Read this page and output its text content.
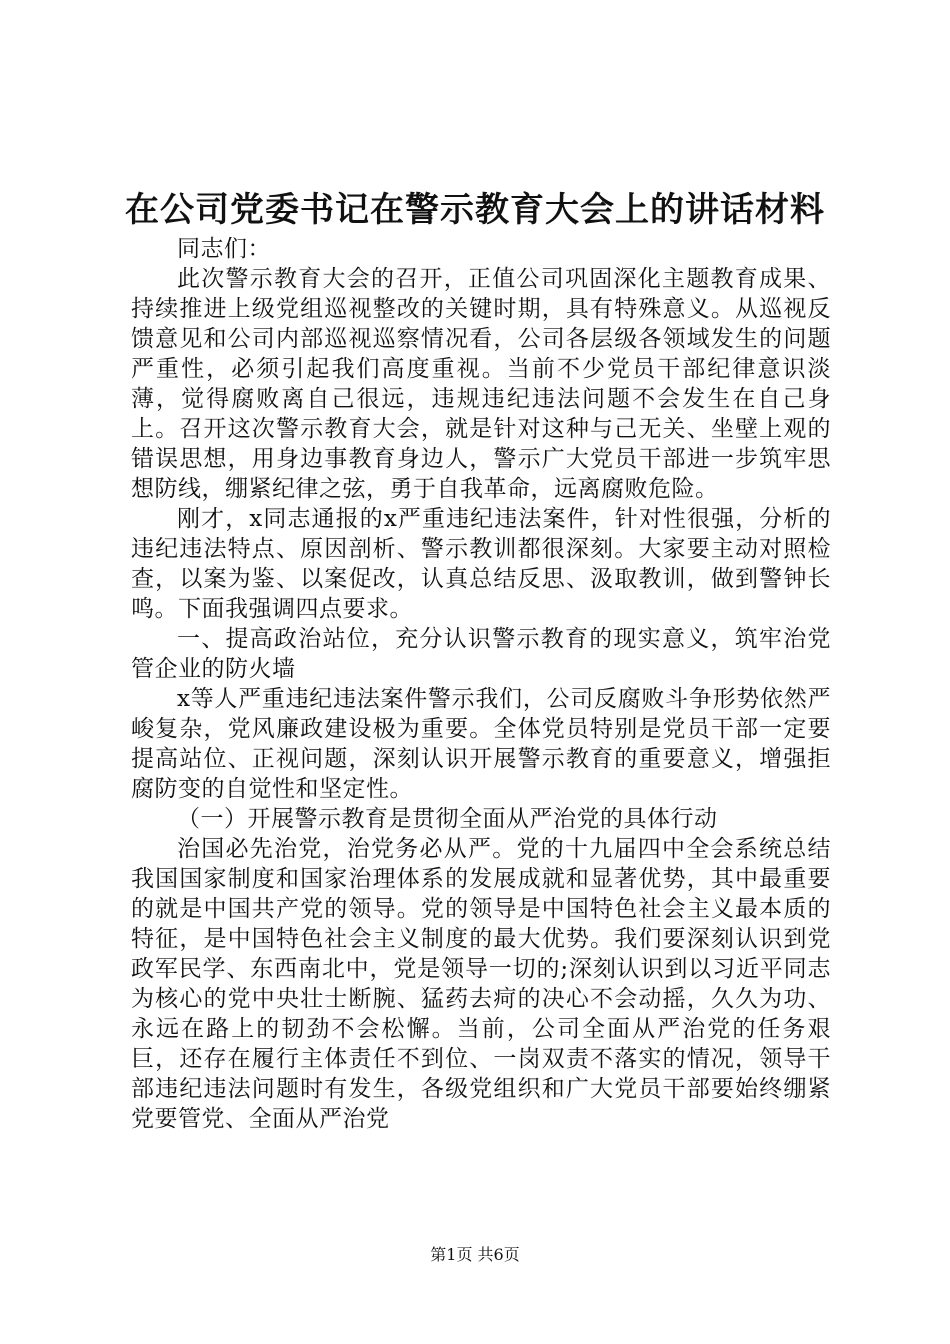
在公司党委书记在警示教育大会上的讲话材料

同志们：

此次警示教育大会的召开，正值公司巩固深化主题教育成果、持续推进上级党组巡视整改的关键时期，具有特殊意义。从巡视反馈意见和公司内部巡视巡察情况看，公司各层级各领域发生的问题严重性，必须引起我们高度重视。当前不少党员干部纪律意识淡薄，觉得腐败离自己很远，违规违纪违法问题不会发生在自己身上。召开这次警示教育大会，就是针对这种与己无关、坐壁上观的错误思想，用身边事教育身边人，警示广大党员干部进一步筑牢思想防线，绷紧纪律之弦，勇于自我革命，远离腐败危险。

刚才，x同志通报的x严重违纪违法案件，针对性很强，分析的违纪违法特点、原因剖析、警示教训都很深刻。大家要主动对照检查，以案为鉴、以案促改，认真总结反思、汲取教训，做到警钟长鸣。下面我强调四点要求。

一、提高政治站位，充分认识警示教育的现实意义，筑牢治党管企业的防火墙

x等人严重违纪违法案件警示我们，公司反腐败斗争形势依然严峻复杂，党风廉政建设极为重要。全体党员特别是党员干部一定要提高站位、正视问题，深刻认识开展警示教育的重要意义，增强拒腐防变的自觉性和坚定性。

（一）开展警示教育是贯彻全面从严治党的具体行动

治国必先治党，治党务必从严。党的十九届四中全会系统总结我国国家制度和国家治理体系的发展成就和显著优势，其中最重要的就是中国共产党的领导。党的领导是中国特色社会主义最本质的特征，是中国特色社会主义制度的最大优势。我们要深刻认识到党政军民学、东西南北中，党是领导一切的;深刻认识到以习近平同志为核心的党中央壮士断腕、猛药去疴的决心不会动摇，久久为功、永远在路上的韧劲不会松懈。当前，公司全面从严治党的任务艰巨，还存在履行主体责任不到位、一岗双责不落实的情况，领导干部违纪违法问题时有发生，各级党组织和广大党员干部要始终绷紧党要管党、全面从严治党

第1页 共6页
